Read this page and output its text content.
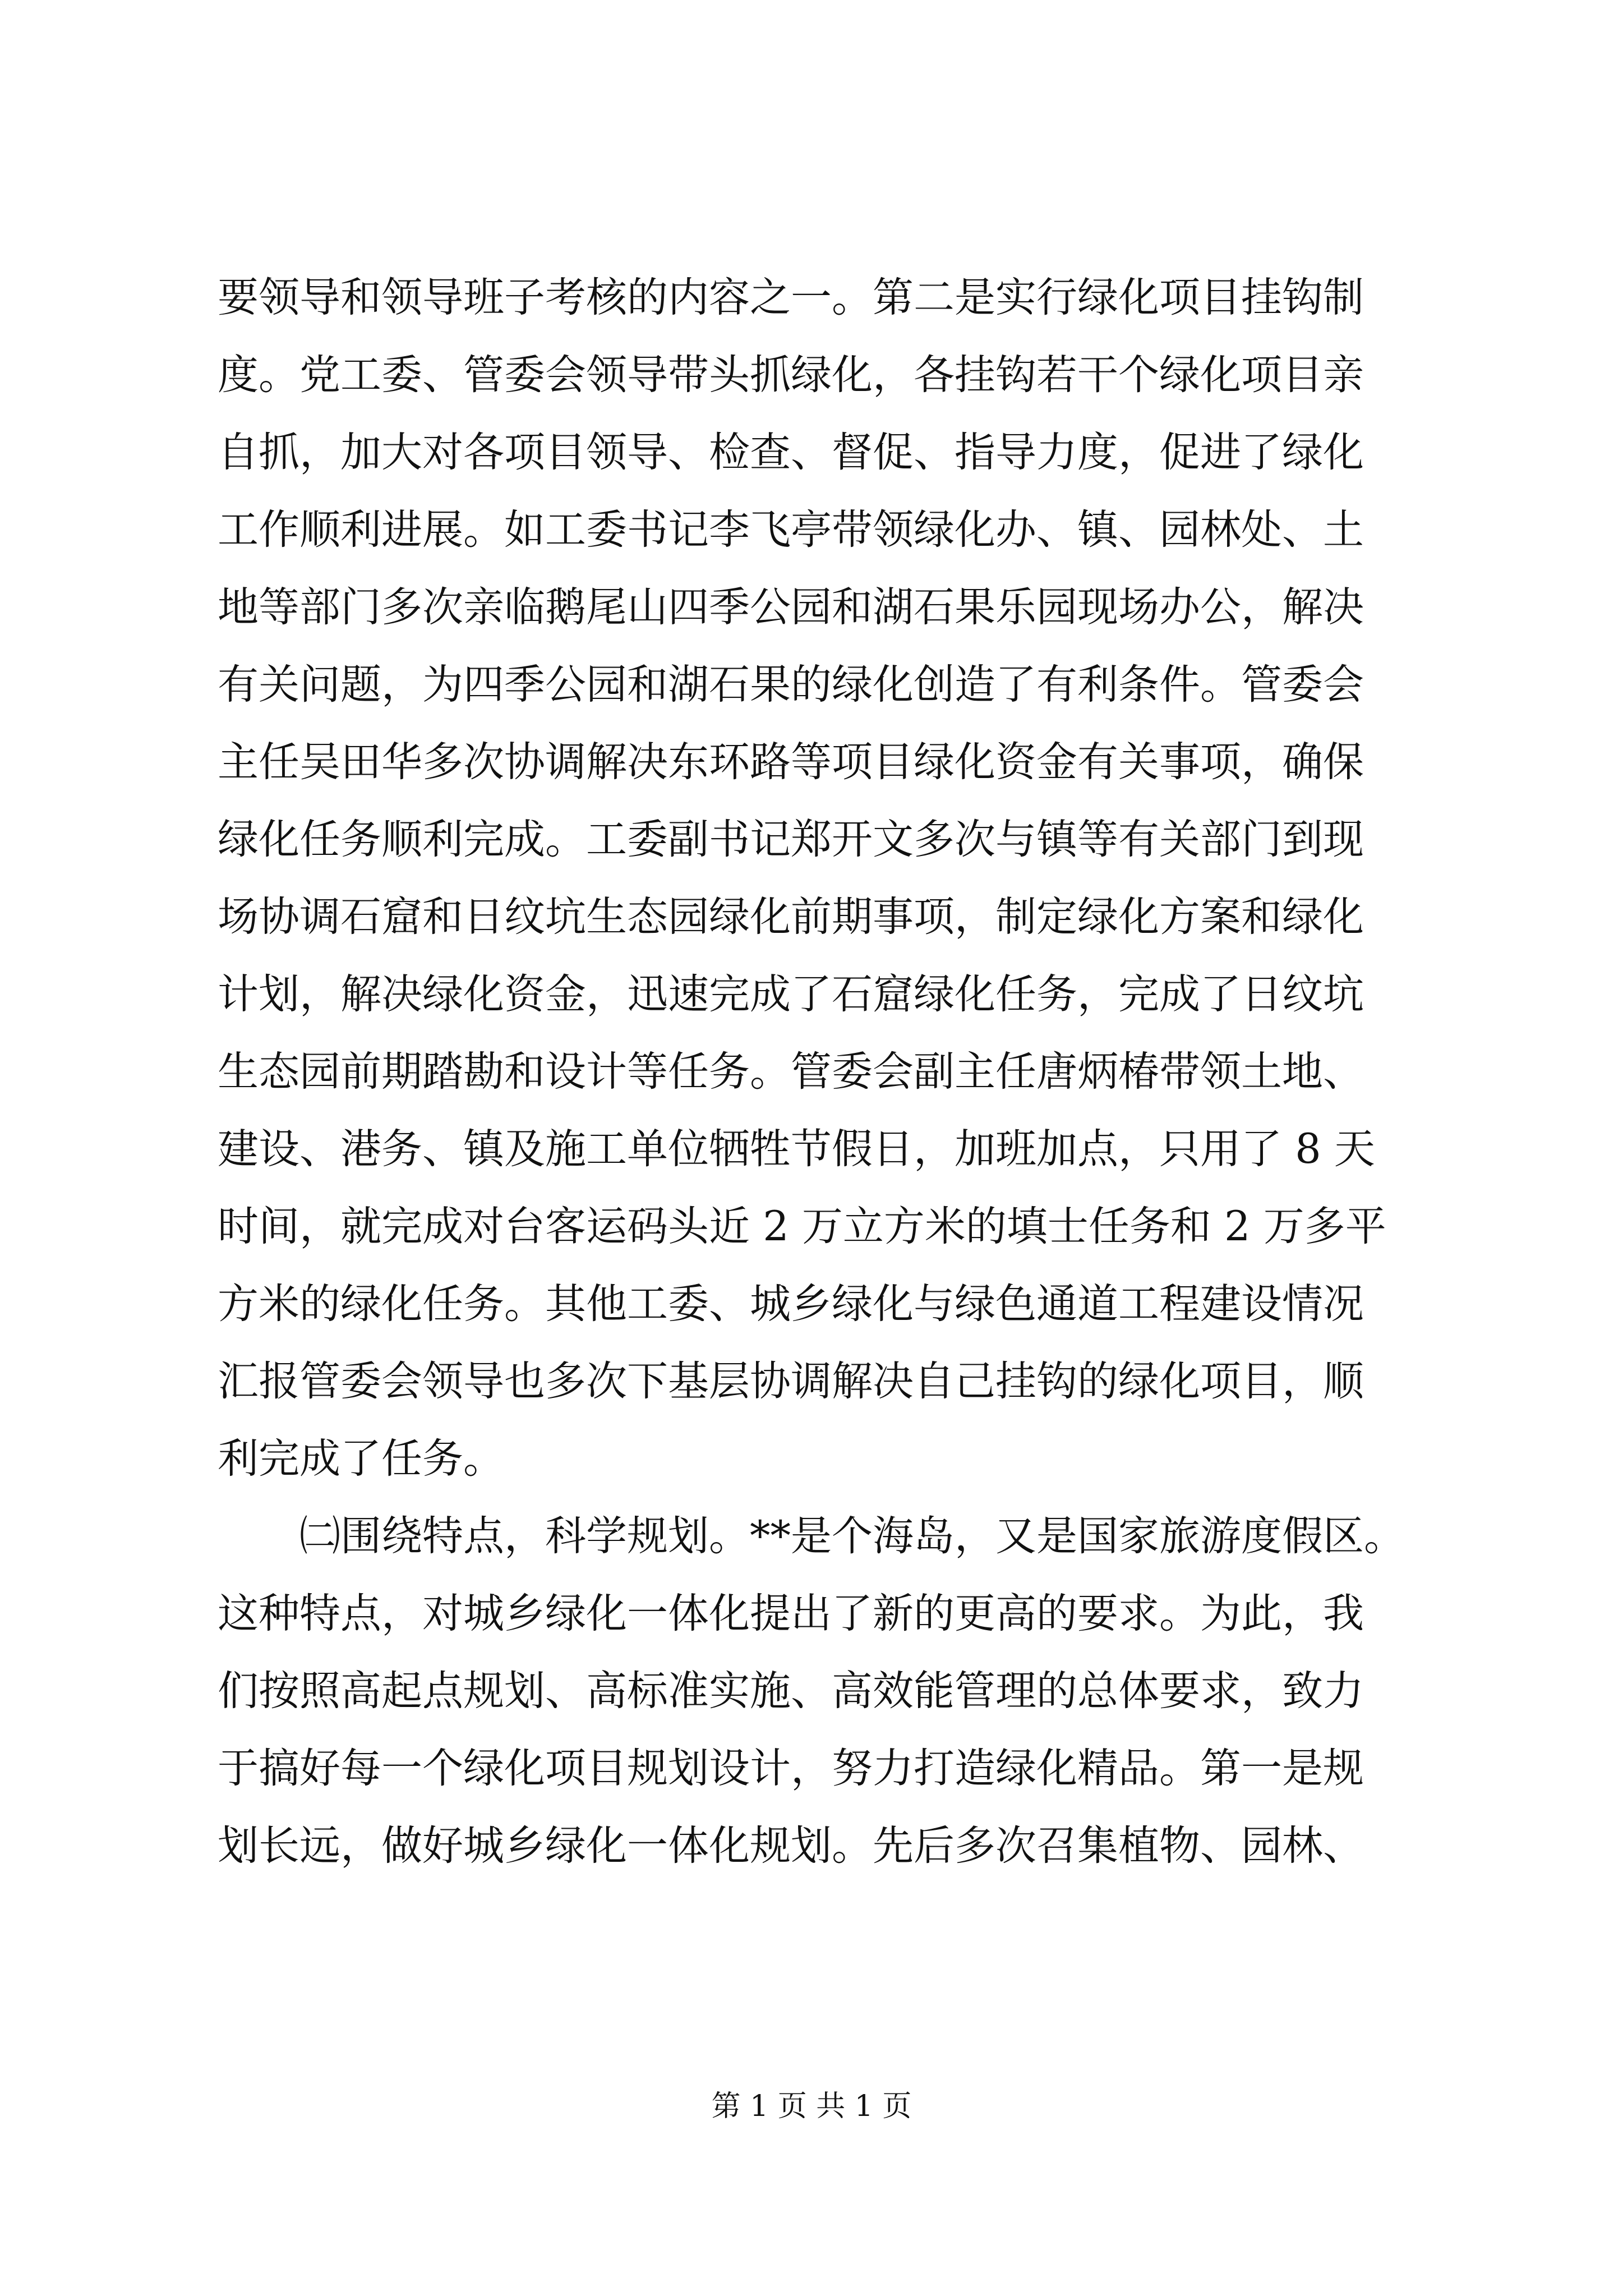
要领导和领导班子考核的内容之一。第二是实行绿化项目挂钩制
度。党工委、管委会领导带头抓绿化，各挂钩若干个绿化项目亲
自抓，加大对各项目领导、检查、督促、指导力度，促进了绿化
工作顺利进展。如工委书记李飞亭带领绿化办、镇、园林处、土
地等部门多次亲临鹅尾山四季公园和湖石果乐园现场办公，解决
有关问题，为四季公园和湖石果的绿化创造了有利条件。管委会
主任吴田华多次协调解决东环路等项目绿化资金有关事项，确保
绿化任务顺利完成。工委副书记郑开文多次与镇等有关部门到现
场协调石窟和日纹坑生态园绿化前期事项，制定绿化方案和绿化
计划，解决绿化资金，迅速完成了石窟绿化任务，完成了日纹坑
生态园前期踏勘和设计等任务。管委会副主任唐炳椿带领土地、
建设、港务、镇及施工单位牺牲节假日，加班加点，只用了 8 天
时间，就完成对台客运码头近 2 万立方米的填士任务和 2 万多平
方米的绿化任务。其他工委、城乡绿化与绿色通道工程建设情况
汇报管委会领导也多次下基层协调解决自己挂钩的绿化项目，顺
利完成了任务。
㈡围绕特点，科学规划。**是个海岛，又是国家旅游度假区。
这种特点，对城乡绿化一体化提出了新的更高的要求。为此，我
们按照高起点规划、高标准实施、高效能管理的总体要求，致力
于搞好每一个绿化项目规划设计，努力打造绿化精品。第一是规
划长远，做好城乡绿化一体化规划。先后多次召集植物、园林、
第 1 页 共 1 页
